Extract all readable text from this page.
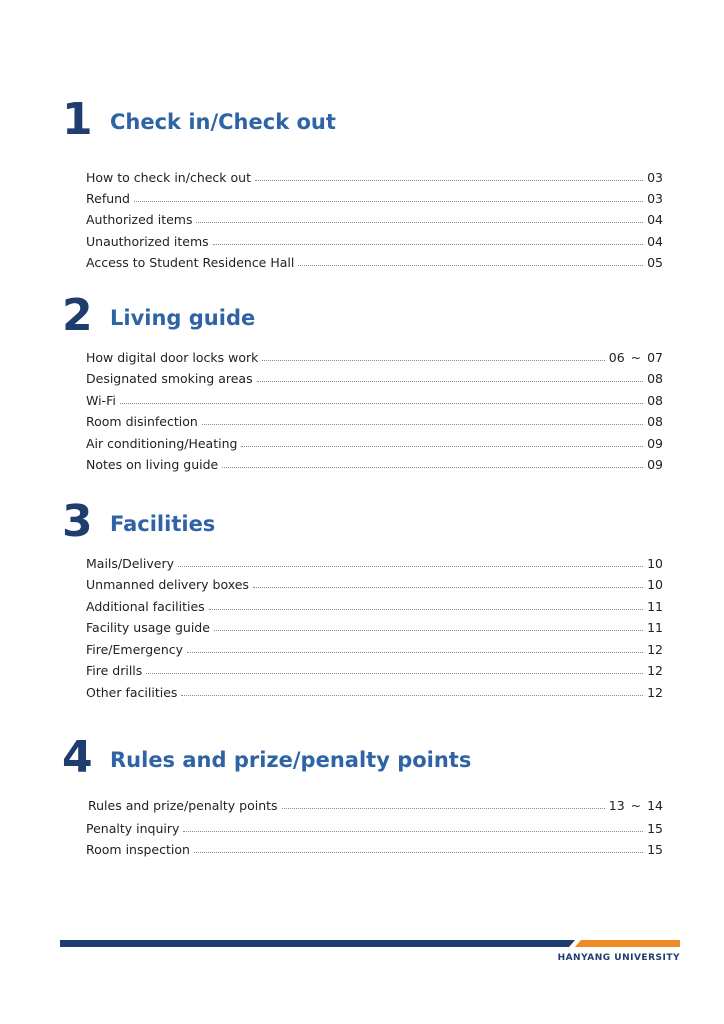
1 Check in/Check out
How to check in/check out	03
Refund	03
Authorized items	04
Unauthorized items	04
Access to Student Residence Hall	05
2 Living guide
How digital door locks work	06 ~ 07
Designated smoking areas	08
Wi-Fi	08
Room disinfection	08
Air conditioning/Heating	09
Notes on living guide	09
3 Facilities
Mails/Delivery	10
Unmanned delivery boxes	10
Additional facilities	11
Facility usage guide	11
Fire/Emergency	12
Fire drills	12
Other facilities	12
4 Rules and prize/penalty points
Rules and prize/penalty points	13 ~ 14
Penalty inquiry	15
Room inspection	15
HANYANG UNIVERSITY
